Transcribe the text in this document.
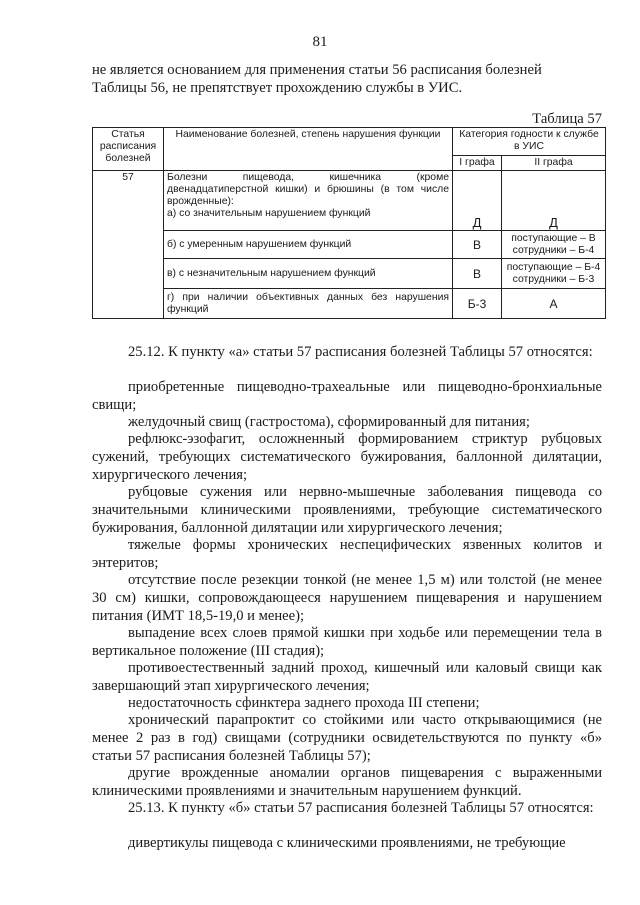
81
не является основанием для применения статьи 56 расписания болезней
Таблицы 56, не препятствует прохождению службы в УИС.
Таблица 57
Статья расписания болезней	Наименование болезней, степень нарушения функции	Категория годности к службе в УИС	
		I графа	II графа
57	Болезни пищевода, кишечника (кроме
двенадцатиперстной кишки) и брюшины (в том числе
врожденные):
а) со значительным нарушением функций	Д	Д
	б) с умеренным нарушением функций	В	поступающие – В
сотрудники – Б-4

	в) с незначительным нарушением функций	В	поступающие – Б-4
сотрудники – Б-3

	г) при наличии объективных данных без нарушения
функций	Б-3	А
25.12. К пункту «а» статьи 57 расписания болезней Таблицы 57 относятся:
приобретенные пищеводно-трахеальные или пищеводно-бронхиальные свищи;
желудочный свищ (гастростома), сформированный для питания;
рефлюкс-эзофагит, осложненный формированием стриктур рубцовых сужений, требующих систематического бужирования, баллонной дилятации, хирургического лечения;
рубцовые сужения или нервно-мышечные заболевания пищевода со значительными клиническими проявлениями, требующие систематического бужирования, баллонной дилятации или хирургического лечения;
тяжелые формы хронических неспецифических язвенных колитов и энтеритов;
отсутствие после резекции тонкой (не менее 1,5 м) или толстой (не менее 30 см) кишки, сопровождающееся нарушением пищеварения и нарушением питания (ИМТ 18,5-19,0 и менее);
выпадение всех слоев прямой кишки при ходьбе или перемещении тела в вертикальное положение (III стадия);
противоестественный задний проход, кишечный или каловый свищи как завершающий этап хирургического лечения;
недостаточность сфинктера заднего прохода III степени;
хронический парапроктит со стойкими или часто открывающимися (не менее 2 раз в год) свищами (сотрудники освидетельствуются по пункту «б» статьи 57 расписания болезней Таблицы 57);
другие врожденные аномалии органов пищеварения с выраженными клиническими проявлениями и значительным нарушением функций.
25.13. К пункту «б» статьи 57 расписания болезней Таблицы 57 относятся:
дивертикулы пищевода с клиническими проявлениями, не требующие
